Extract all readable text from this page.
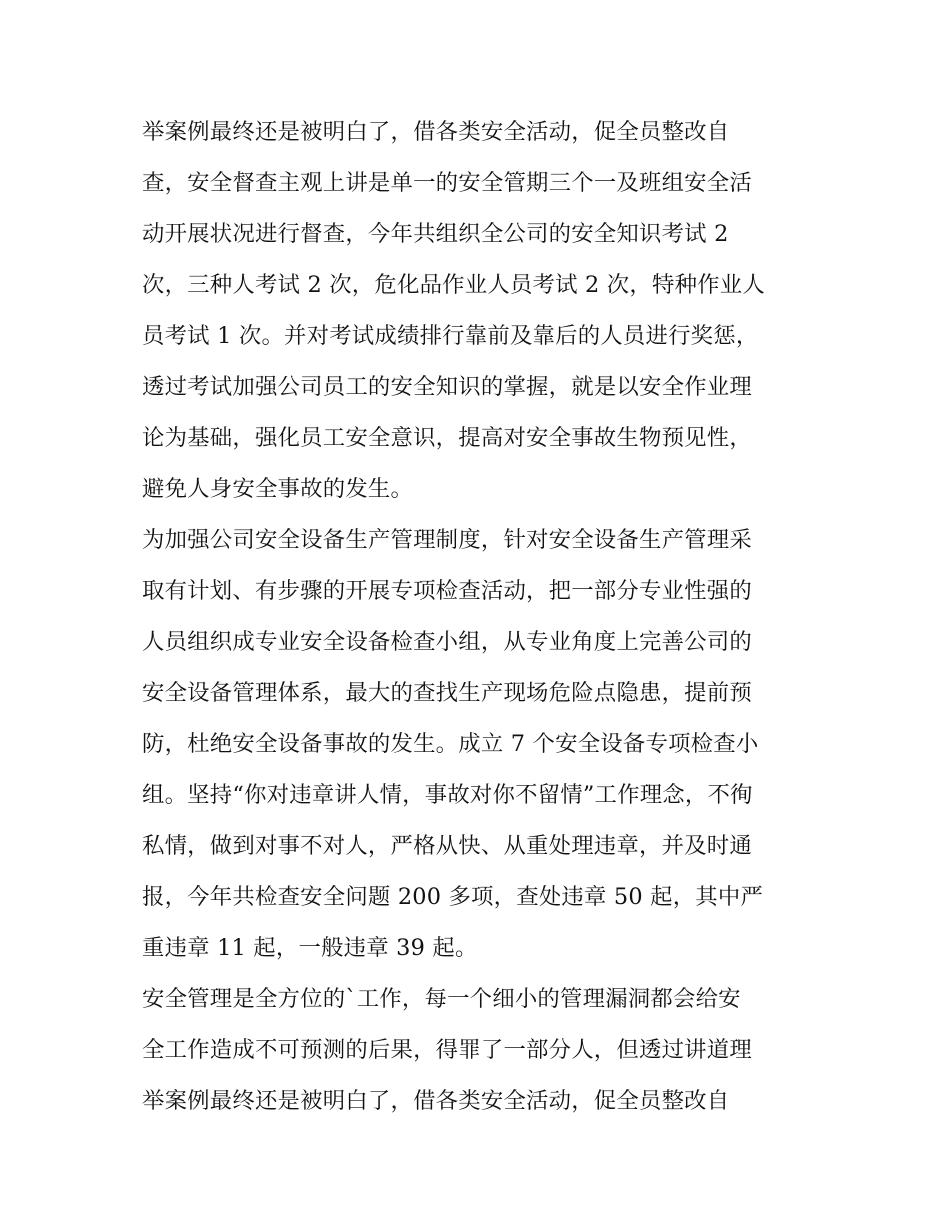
举案例最终还是被明白了，借各类安全活动，促全员整改自
查，安全督查主观上讲是单一的安全管期三个一及班组安全活
动开展状况进行督查，今年共组织全公司的安全知识考试 2
次，三种人考试 2 次，危化品作业人员考试 2 次，特种作业人
员考试 1 次。并对考试成绩排行靠前及靠后的人员进行奖惩，
透过考试加强公司员工的安全知识的掌握，就是以安全作业理
论为基础，强化员工安全意识，提高对安全事故生物预见性，
避免人身安全事故的发生。
为加强公司安全设备生产管理制度，针对安全设备生产管理采
取有计划、有步骤的开展专项检查活动，把一部分专业性强的
人员组织成专业安全设备检查小组，从专业角度上完善公司的
安全设备管理体系，最大的查找生产现场危险点隐患，提前预
防，杜绝安全设备事故的发生。成立 7 个安全设备专项检查小
组。坚持“你对违章讲人情，事故对你不留情”工作理念，不徇
私情，做到对事不对人，严格从快、从重处理违章，并及时通
报，今年共检查安全问题 200 多项，查处违章 50 起，其中严
重违章 11 起，一般违章 39 起。
安全管理是全方位的`工作，每一个细小的管理漏洞都会给安
全工作造成不可预测的后果，得罪了一部分人，但透过讲道理
举案例最终还是被明白了，借各类安全活动，促全员整改自
